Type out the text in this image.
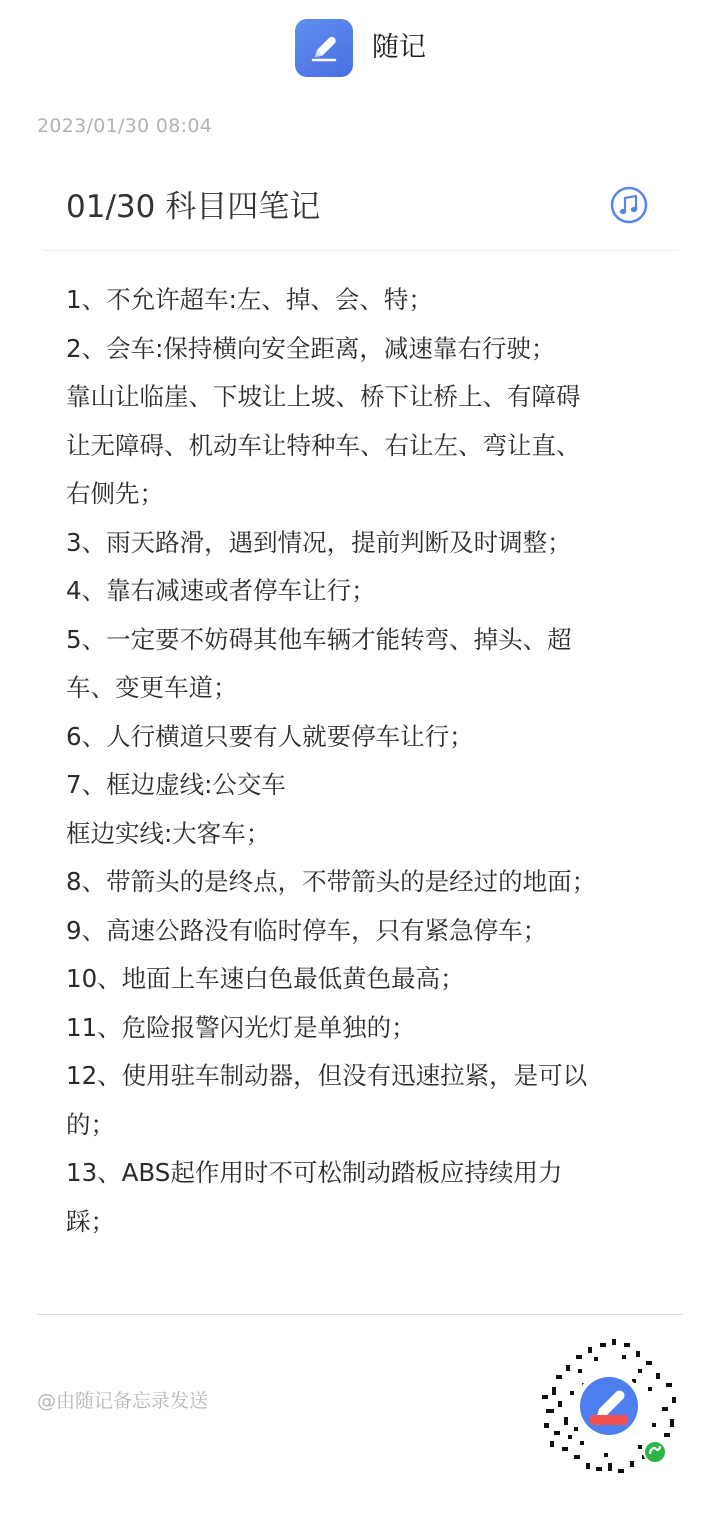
随记
2023/01/30 08:04
01/30 科目四笔记
1、不允许超车:左、掉、会、特；
2、会车:保持横向安全距离，减速靠右行驶；
靠山让临崖、下坡让上坡、桥下让桥上、有障碍
让无障碍、机动车让特种车、右让左、弯让直、
右侧先；
3、雨天路滑，遇到情况，提前判断及时调整；
4、靠右减速或者停车让行；
5、一定要不妨碍其他车辆才能转弯、掉头、超
车、变更车道；
6、人行横道只要有人就要停车让行；
7、框边虚线:公交车
框边实线:大客车；
8、带箭头的是终点，不带箭头的是经过的地面；
9、高速公路没有临时停车，只有紧急停车；
10、地面上车速白色最低黄色最高；
11、危险报警闪光灯是单独的；
12、使用驻车制动器，但没有迅速拉紧，是可以
的；
13、ABS起作用时不可松制动踏板应持续用力
踩；
@由随记备忘录发送
